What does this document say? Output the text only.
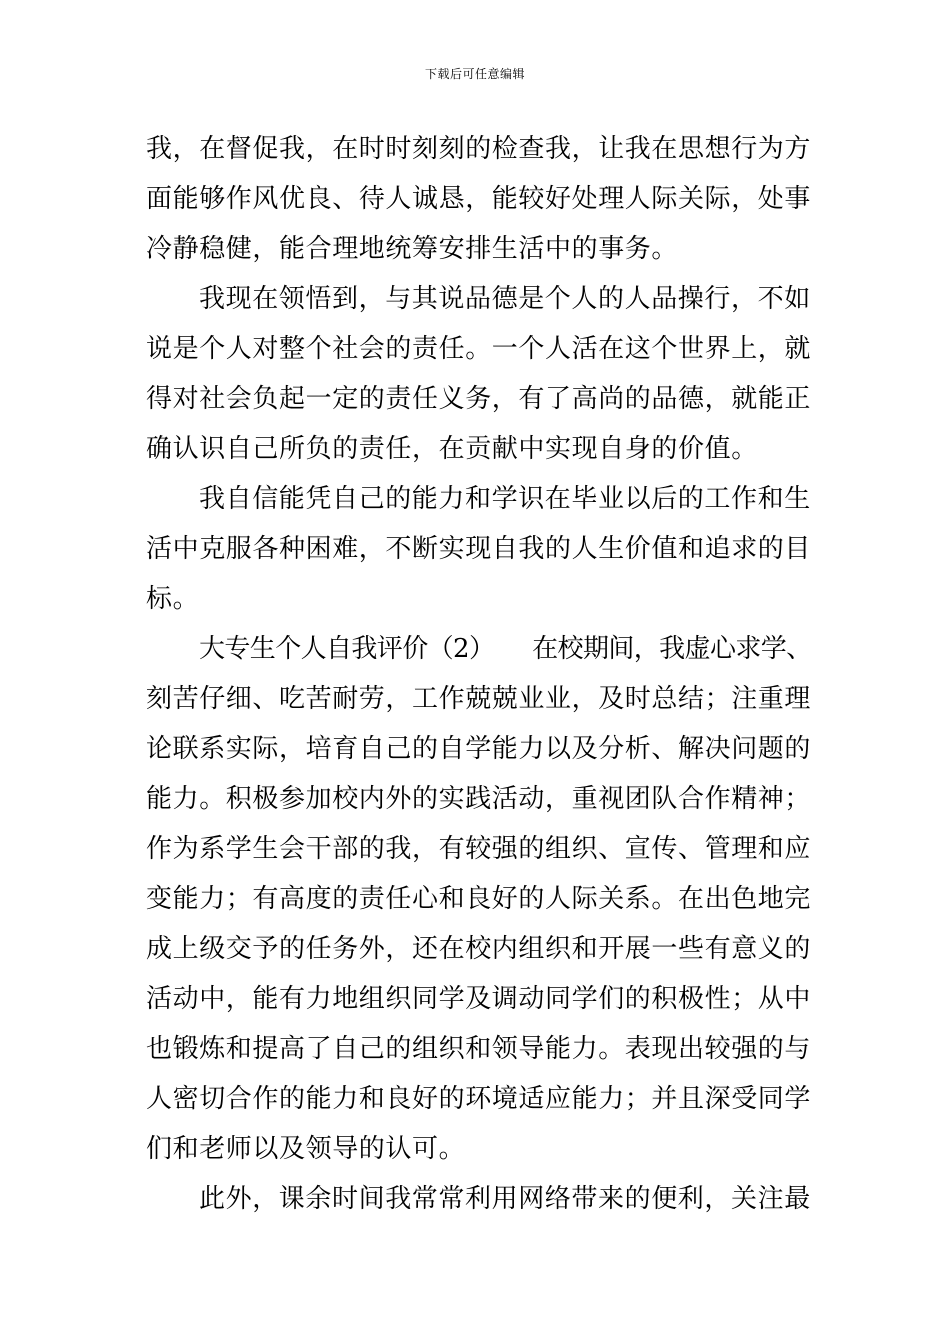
下载后可任意编辑
我，在督促我，在时时刻刻的检查我，让我在思想行为方
面能够作风优良、待人诚恳，能较好处理人际关际，处事
冷静稳健，能合理地统筹安排生活中的事务。
我现在领悟到，与其说品德是个人的人品操行，不如
说是个人对整个社会的责任。一个人活在这个世界上，就
得对社会负起一定的责任义务，有了高尚的品德，就能正
确认识自己所负的责任，在贡献中实现自身的价值。
我自信能凭自己的能力和学识在毕业以后的工作和生
活中克服各种困难，不断实现自我的人生价值和追求的目
标。
大专生个人自我评价（2）　　在校期间，我虚心求学、
刻苦仔细、吃苦耐劳，工作兢兢业业，及时总结；注重理
论联系实际，培育自己的自学能力以及分析、解决问题的
能力。积极参加校内外的实践活动，重视团队合作精神；
作为系学生会干部的我，有较强的组织、宣传、管理和应
变能力；有高度的责任心和良好的人际关系。在出色地完
成上级交予的任务外，还在校内组织和开展一些有意义的
活动中，能有力地组织同学及调动同学们的积极性；从中
也锻炼和提高了自己的组织和领导能力。表现出较强的与
人密切合作的能力和良好的环境适应能力；并且深受同学
们和老师以及领导的认可。
此外，课余时间我常常利用网络带来的便利，关注最
